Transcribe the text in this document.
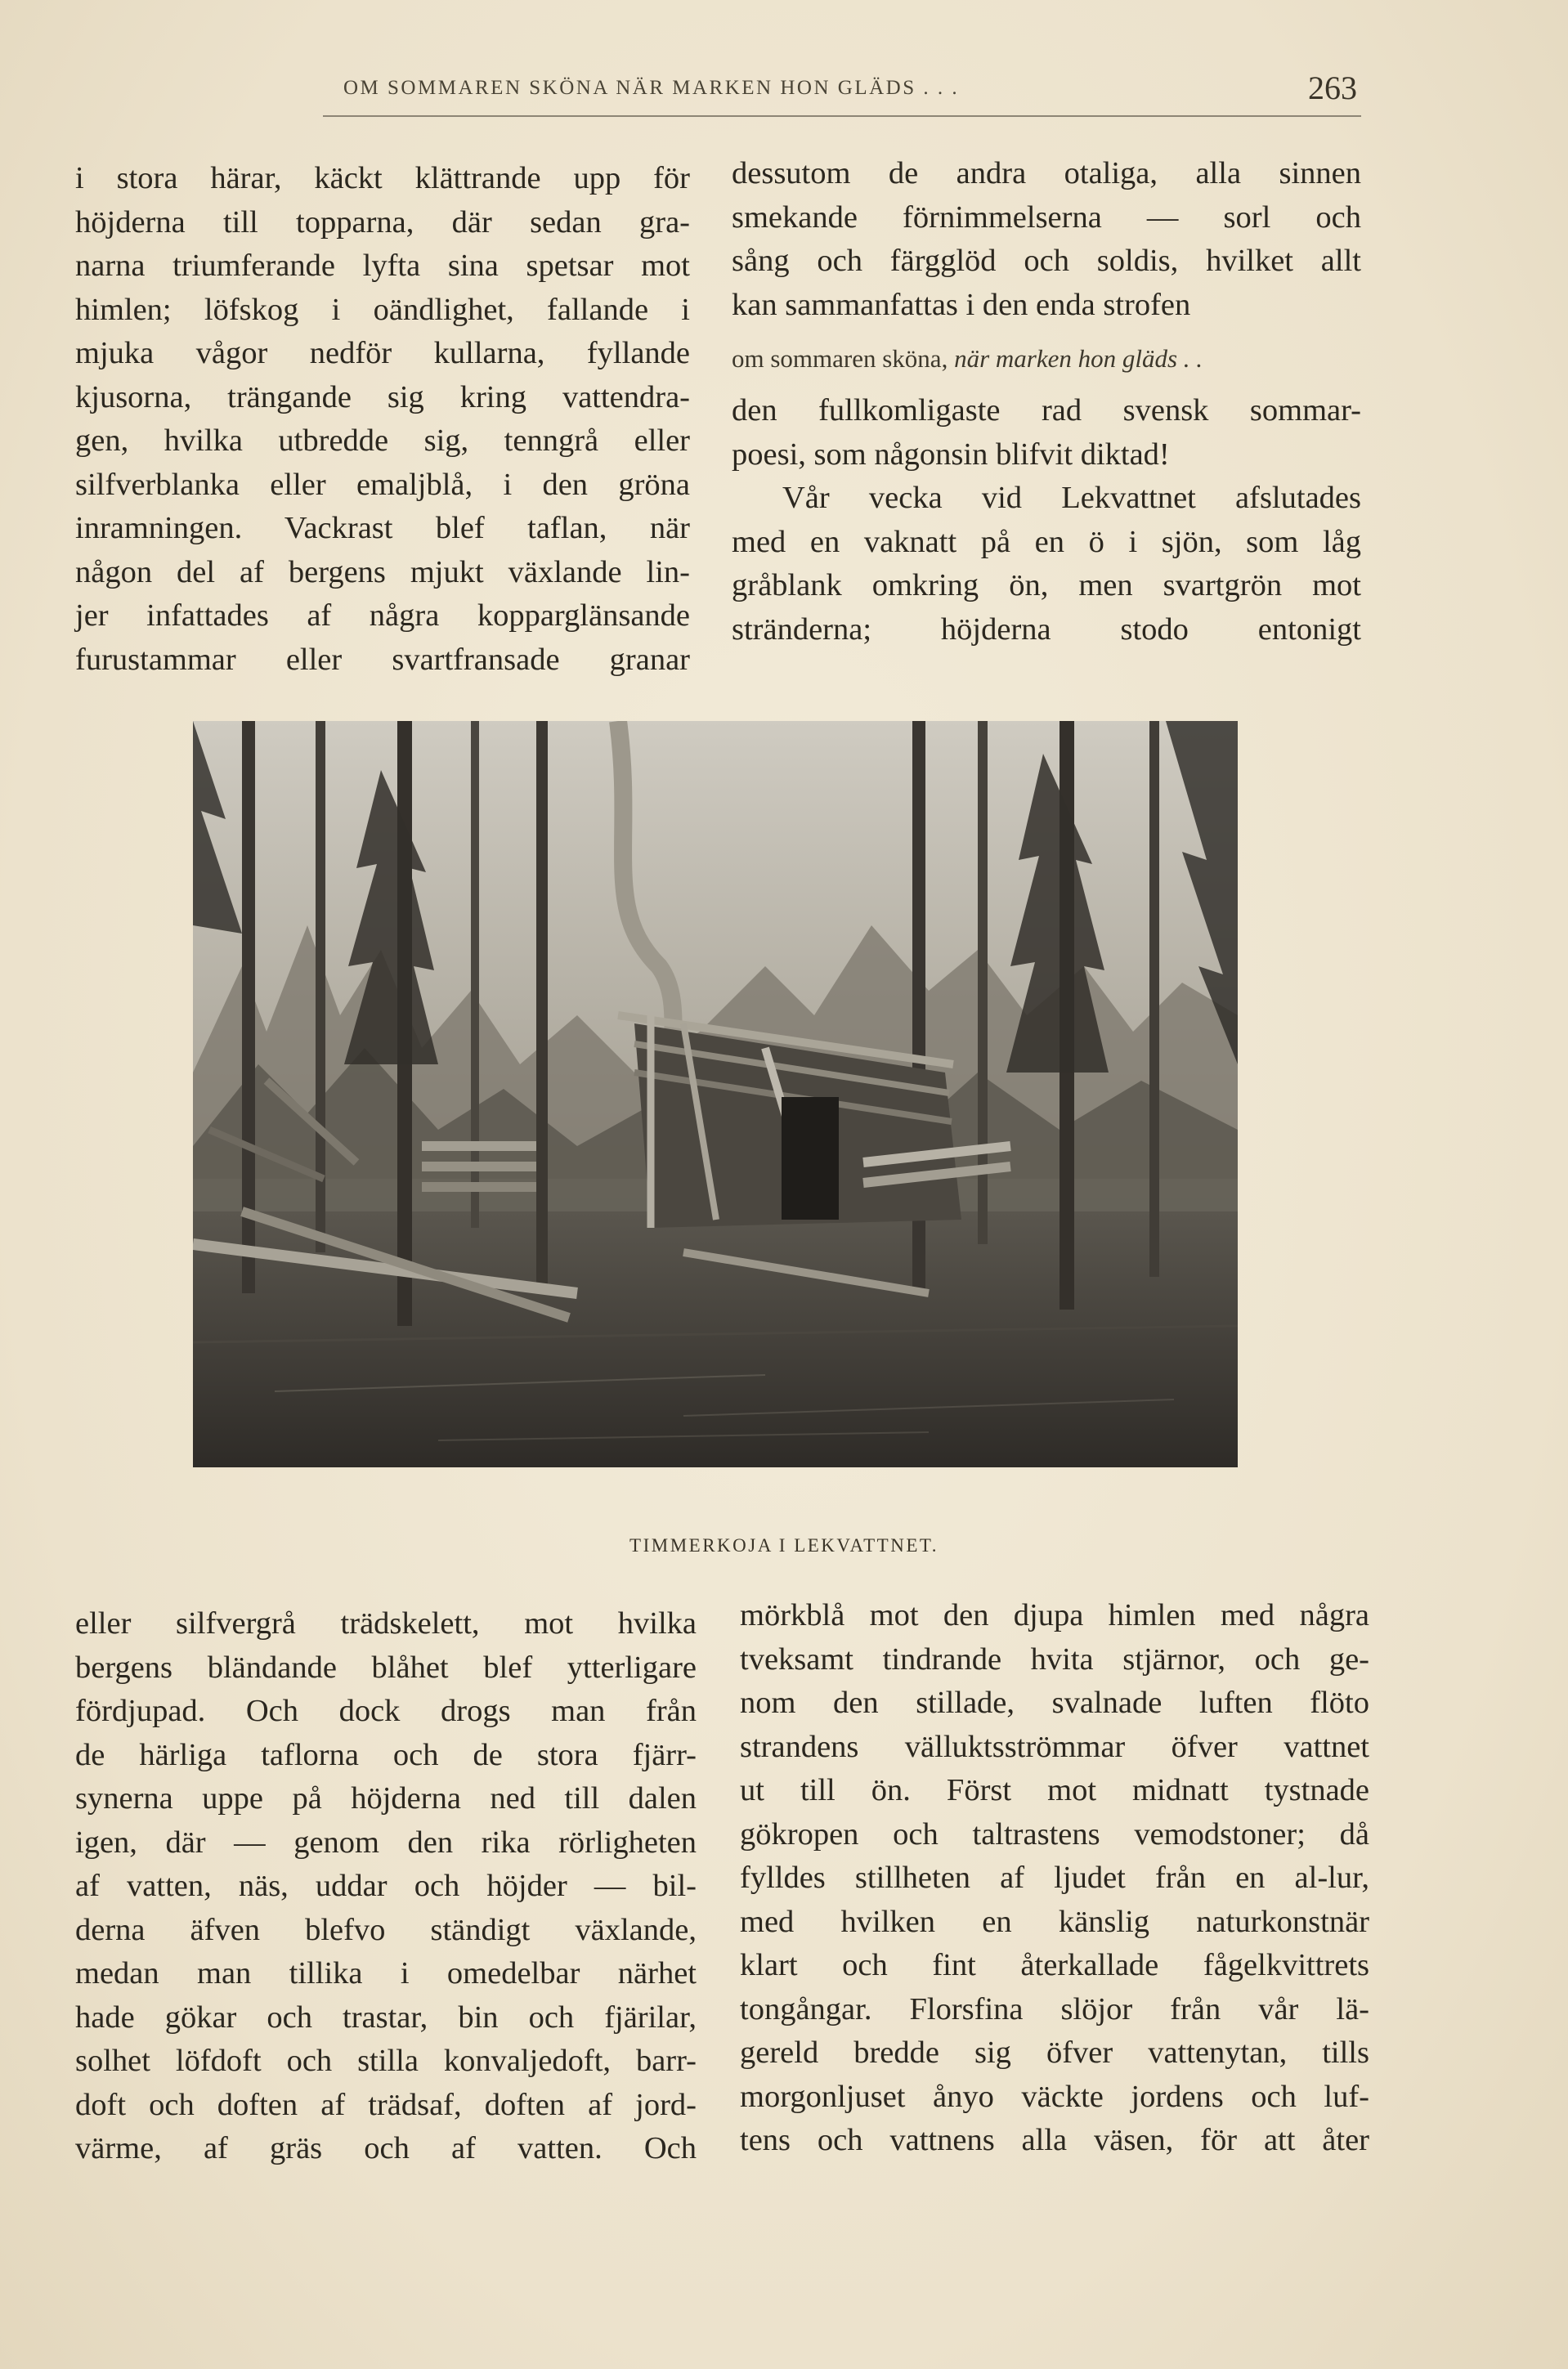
OM SOMMAREN SKÖNA NÄR MARKEN HON GLÄDS . . .	263
i stora härar, käckt klättrande upp för
höjderna till topparna, där sedan gra-
narna triumferande lyfta sina spetsar mot
himlen; löfskog i oändlighet, fallande i
mjuka vågor nedför kullarna, fyllande
kjusorna, trängande sig kring vattendra-
gen, hvilka utbredde sig, tenngrå eller
silfverblanka eller emaljblå, i den gröna
inramningen. Vackrast blef taflan, när
någon del af bergens mjukt växlande lin-
jer infattades af några kopparglänsande
furustammar eller svartfransade granar
dessutom de andra otaliga, alla sinnen
smekande förnimmelserna — sorl och
sång och färgglöd och soldis, hvilket allt
kan sammanfattas i den enda strofen
om sommaren sköna, när marken hon gläds . .
den fullkomligaste rad svensk sommar-
poesi, som någonsin blifvit diktad!
Vår vecka vid Lekvattnet afslutades
med en vaknatt på en ö i sjön, som låg
gråblank omkring ön, men svartgrön mot
stränderna; höjderna stodo entonigt
TIMMERKOJA I LEKVATTNET.
eller silfvergrå trädskelett, mot hvilka
bergens bländande blåhet blef ytterligare
fördjupad. Och dock drogs man från
de härliga taflorna och de stora fjärr-
synerna uppe på höjderna ned till dalen
igen, där — genom den rika rörligheten
af vatten, näs, uddar och höjder — bil-
derna äfven blefvo ständigt växlande,
medan man tillika i omedelbar närhet
hade gökar och trastar, bin och fjärilar,
solhet löfdoft och stilla konvaljedoft, barr-
doft och doften af trädsaf, doften af jord-
värme, af gräs och af vatten. Och
mörkblå mot den djupa himlen med några
tveksamt tindrande hvita stjärnor, och ge-
nom den stillade, svalnade luften flöto
strandens välluktsströmmar öfver vattnet
ut till ön. Först mot midnatt tystnade
gökropen och taltrastens vemodstoner; då
fylldes stillheten af ljudet från en al-lur,
med hvilken en känslig naturkonstnär
klart och fint återkallade fågelkvittrets
tongångar. Florsfina slöjor från vår lä-
gereld bredde sig öfver vattenytan, tills
morgonljuset ånyo väckte jordens och luf-
tens och vattnens alla väsen, för att åter
